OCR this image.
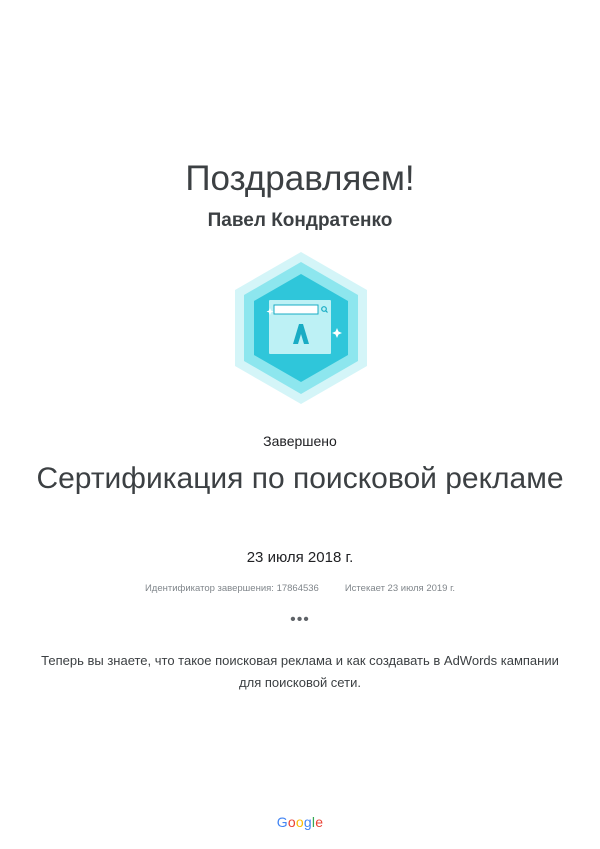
Поздравляем!
Павел Кондратенко
Завершено
Сертификация по поисковой рекламе
23 июля 2018 г.
Идентификатор завершения: 17864536	Истекает 23 июля 2019 г.
•••
Теперь вы знаете, что такое поисковая реклама и как создавать в AdWords кампании для поисковой сети.
Google
